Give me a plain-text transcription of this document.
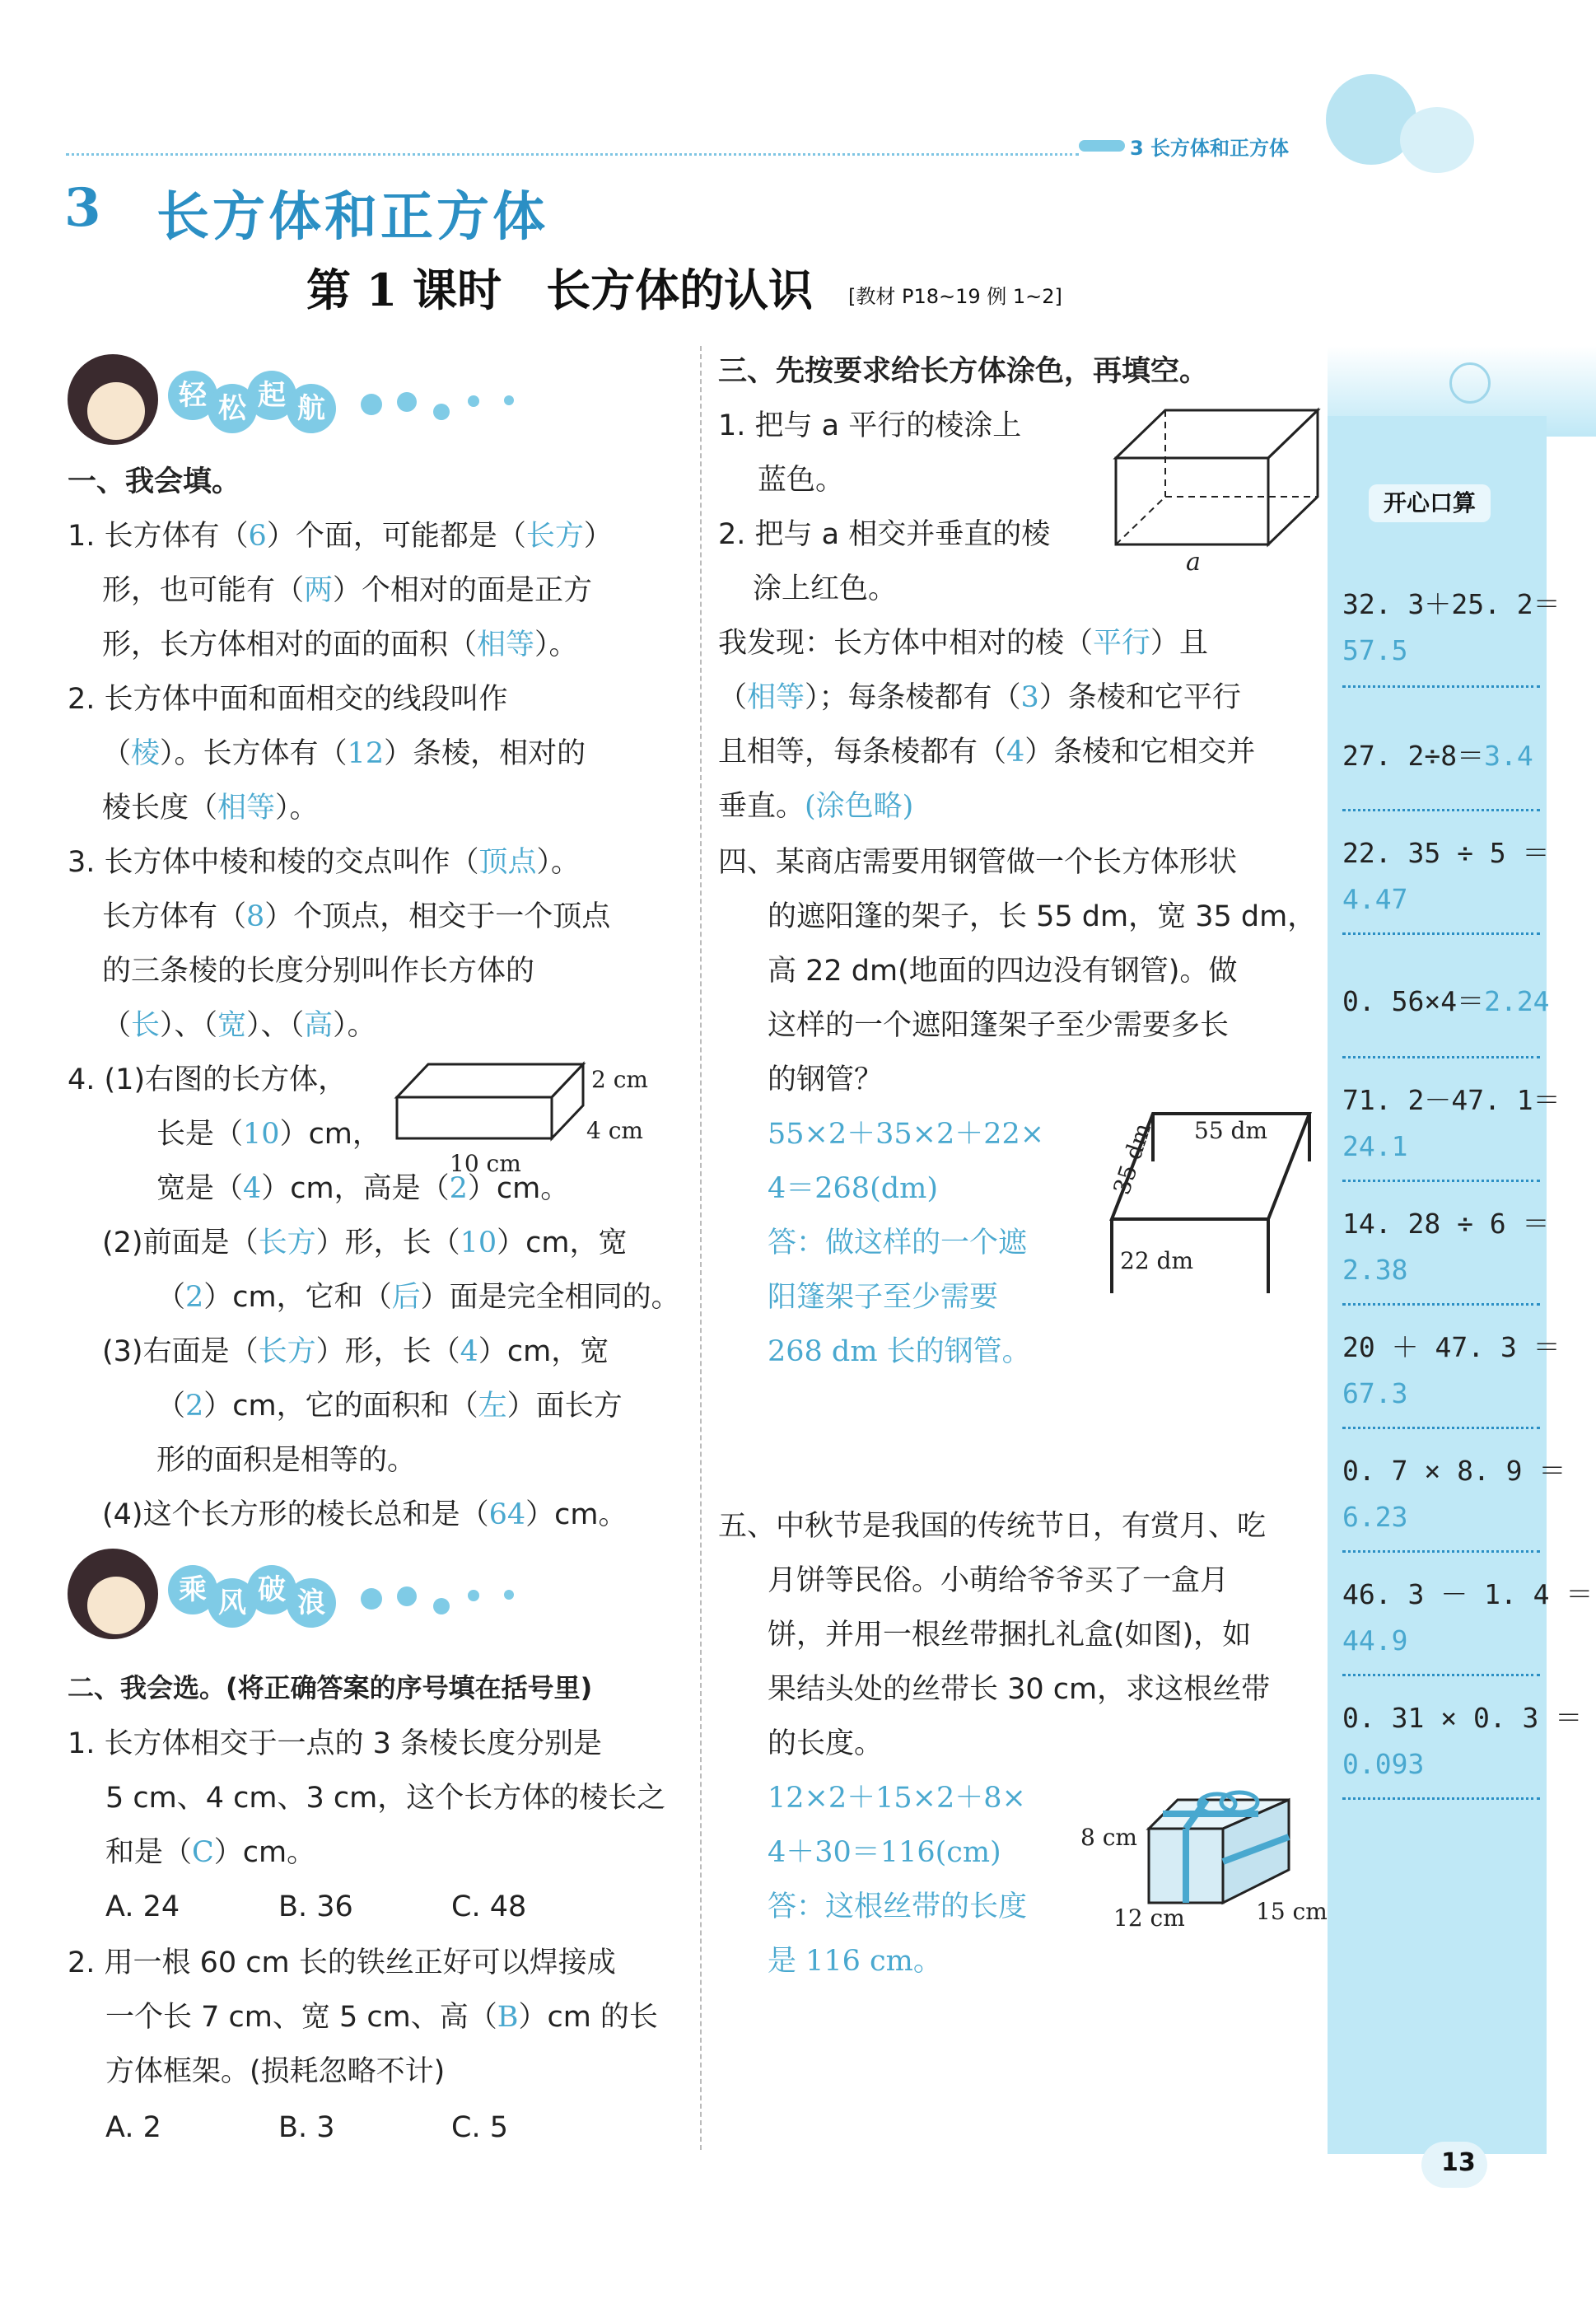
3 长方体和正方体
3 长方体和正方体
第 1 课时　长方体的认识 [教材 P18~19 例 1~2]
轻 松 起 航
一、我会填。
1. 长方体有（6）个面，可能都是（长方）
形，也可能有（两）个相对的面是正方
形，长方体相对的面的面积（相等）。
2. 长方体中面和面相交的线段叫作
（棱）。长方体有（12）条棱，相对的
棱长度（相等）。
3. 长方体中棱和棱的交点叫作（顶点）。
长方体有（8）个顶点，相交于一个顶点
的三条棱的长度分别叫作长方体的
（长）、（宽）、（高）。
4. (1)右图的长方体，	2 cm
4 cm
10 cm
长是（10）cm，
宽是（4）cm，高是（2）cm。
(2)前面是（长方）形，长（10）cm，宽
（2）cm，它和（后）面是完全相同的。
(3)右面是（长方）形，长（4）cm，宽
（2）cm，它的面积和（左）面长方
形的面积是相等的。
(4)这个长方形的棱长总和是（64）cm。
乘 风 破 浪
二、我会选。(将正确答案的序号填在括号里)
1. 长方体相交于一点的 3 条棱长度分别是
5 cm、4 cm、3 cm，这个长方体的棱长之
和是（C）cm。
A. 24	B. 36	C. 48
2. 用一根 60 cm 长的铁丝正好可以焊接成
一个长 7 cm、宽 5 cm、高（B）cm 的长
方体框架。(损耗忽略不计)
A. 2	B. 3	C. 5
三、先按要求给长方体涂色，再填空。
1. 把与 a 平行的棱涂上
蓝色。
2. 把与 a 相交并垂直的棱
涂上红色。
a
我发现：长方体中相对的棱（平行）且
（相等）；每条棱都有（3）条棱和它平行
且相等，每条棱都有（4）条棱和它相交并
垂直。(涂色略)
四、某商店需要用钢管做一个长方体形状
的遮阳篷的架子，长 55 dm，宽 35 dm，
高 22 dm(地面的四边没有钢管)。做
这样的一个遮阳篷架子至少需要多长
的钢管？
55×2＋35×2＋22×
4＝268(dm)
答：做这样的一个遮
阳篷架子至少需要
268 dm 长的钢管。
55 dm
35 dm
22 dm
五、中秋节是我国的传统节日，有赏月、吃
月饼等民俗。小萌给爷爷买了一盒月
饼，并用一根丝带捆扎礼盒(如图)，如
果结头处的丝带长 30 cm，求这根丝带
的长度。
12×2＋15×2＋8×
4＋30＝116(cm)
答：这根丝带的长度
是 116 cm。
8 cm
12 cm	15 cm
开心口算
32. 3＋25. 2＝
57.5
27. 2÷8＝3.4
22. 35 ÷ 5 ＝
4.47
0. 56×4＝2.24
71. 2－47. 1＝
24.1
14. 28 ÷ 6 ＝
2.38
20 ＋ 47. 3 ＝
67.3
0. 7 × 8. 9 ＝
6.23
46. 3 － 1. 4 ＝
44.9
0. 31 × 0. 3 ＝
0.093
13
